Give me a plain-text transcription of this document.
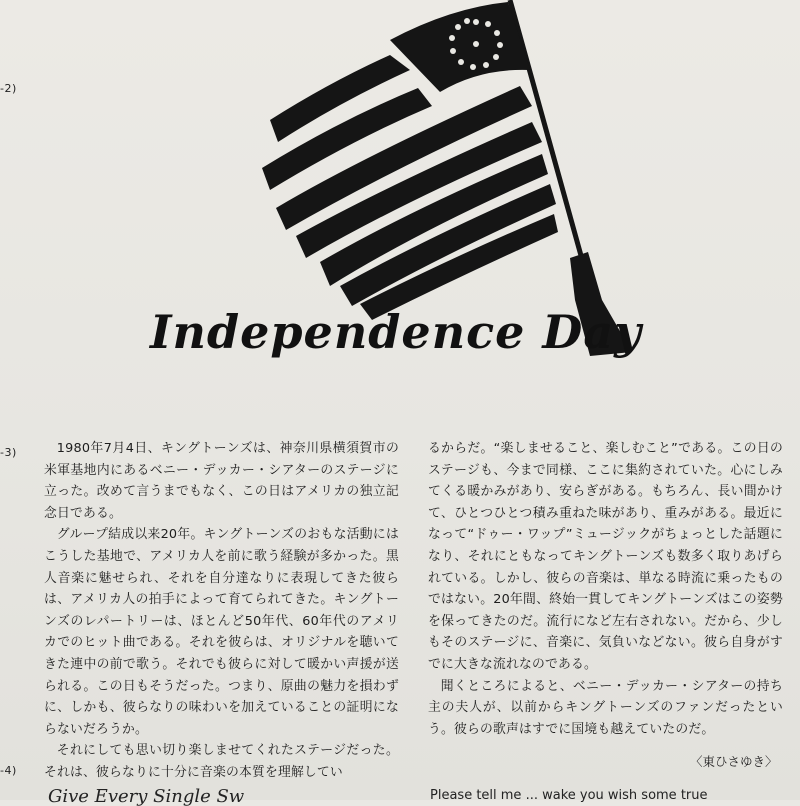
-2)
-3)
-4)
Independence Day

1980年7月4日、キングトーンズは、神奈川県横須賀市の米軍基地内にあるベニー・デッカー・シアターのステージに立った。改めて言うまでもなく、この日はアメリカの独立記念日である。

グループ結成以来20年。キングトーンズのおもな活動にはこうした基地で、アメリカ人を前に歌う経験が多かった。黒人音楽に魅せられ、それを自分達なりに表現してきた彼らは、アメリカ人の拍手によって育てられてきた。キングトーンズのレパートリーは、ほとんど50年代、60年代のアメリカでのヒット曲である。それを彼らは、オリジナルを聴いてきた連中の前で歌う。それでも彼らに対して暖かい声援が送られる。この日もそうだった。つまり、原曲の魅力を損わずに、しかも、彼らなりの味わいを加えていることの証明にならないだろうか。

それにしても思い切り楽しませてくれたステージだった。それは、彼らなりに十分に音楽の本質を理解してい

るからだ。“楽しませること、楽しむこと”である。この日のステージも、今まで同様、ここに集約されていた。心にしみてくる暖かみがあり、安らぎがある。もちろん、長い間かけて、ひとつひとつ積み重ねた味があり、重みがある。最近になって“ドゥー・ワップ”ミュージックがちょっとした話題になり、それにともなってキングトーンズも数多く取りあげられている。しかし、彼らの音楽は、単なる時流に乗ったものではない。20年間、終始一貫してキングトーンズはこの姿勢を保ってきたのだ。流行になど左右されない。だから、少しもそのステージに、音楽に、気負いなどない。彼ら自身がすでに大きな流れなのである。

聞くところによると、ベニー・デッカー・シアターの持ち主の夫人が、以前からキングトーンズのファンだったという。彼らの歌声はすでに国境も越えていたのだ。

〈東ひさゆき〉
Give Every Single Sw	Please tell me ... wake you wish some true
